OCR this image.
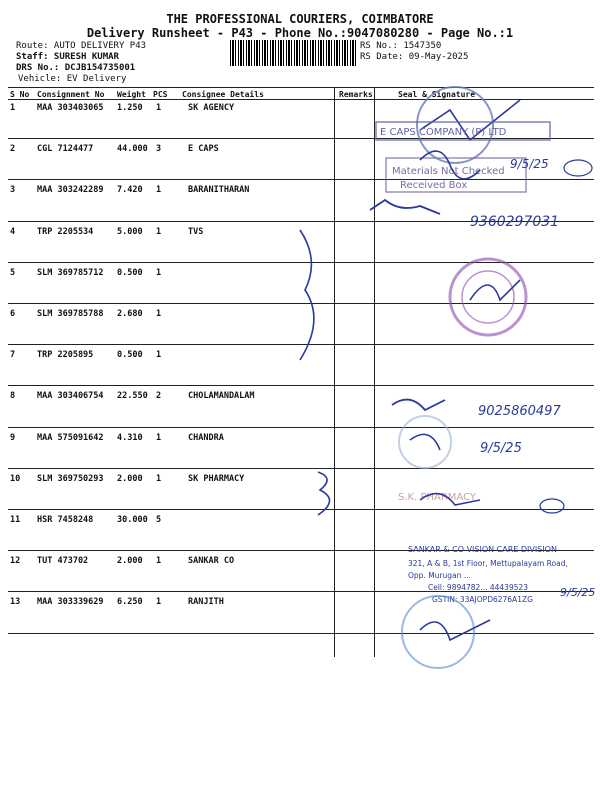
THE PROFESSIONAL COURIERS, COIMBATORE
Delivery Runsheet - P43 - Phone No.:9047080280 - Page No.:1
Route: AUTO DELIVERY P43
Staff: SURESH KUMAR
DRS No.: DCJB154735001
Vehicle: EV Delivery
RS No.: 1547350
RS Date: 09-May-2025
S No Consignment No Weight PCS Consignee Details	Remarks	Seal & Signature
1	MAA 303403065 1.250 1	SK AGENCY
2	CGL 7124477	44.000 3	E CAPS
3	MAA 303242289 7.420 1	BARANITHARAN
4	TRP 2205534	5.000 1	TVS
5	SLM 369785712 0.500 1
6	SLM 369785788 2.680 1
7	TRP 2205895	0.500 1
8	MAA 303406754 22.550 2	CHOLAMANDALAM
9	MAA 575091642 4.310 1	CHANDRA
10 SLM 369750293 2.000 1	SK PHARMACY
11 HSR 7458248	30.000 5
12 TUT 473702	2.000 1	SANKAR CO
13 MAA 303339629 6.250 1	RANJITH
E CAPS COMPANY (P) LTD
Materials Not Checked
Received Box
9/5/25
9360297031
9025860497
9/5/25
S.K. PHARMACY
SANKAR & CO VISION CARE DIVISION
321, A & B, 1st Floor, Mettupalayam Road,
Opp. Murugan ...
Cell: 9894782... 44439523
GSTIN: 33AJOPD6276A1ZG
9/5/25
